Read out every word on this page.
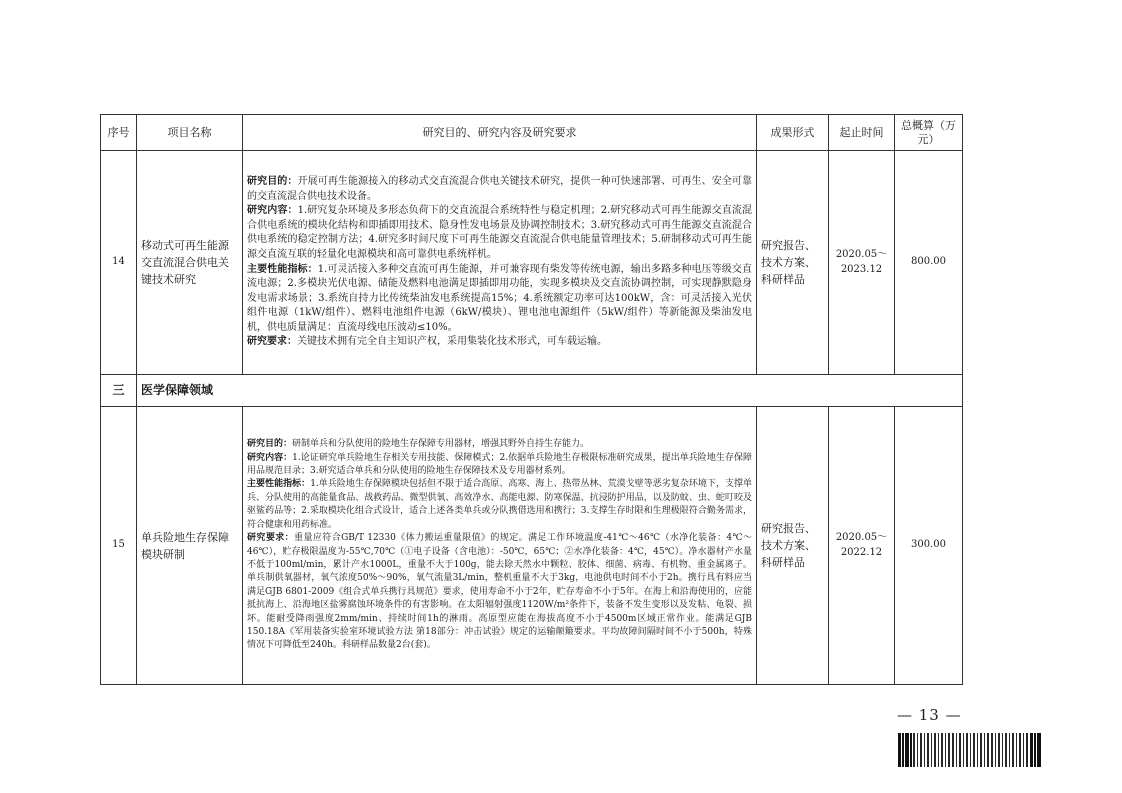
序号	项目名称	研究目的、研究内容及研究要求	成果形式	起止时间	总概算（万元）
14	移动式可再生能源交直流混合供电关键技术研究	研究目的：开展可再生能源接入的移动式交直流混合供电关键技术研究，提供一种可快速部署、可再生、安全可靠的交直流混合供电技术设备。

研究内容：1.研究复杂环境及多形态负荷下的交直流混合系统特性与稳定机理；2.研究移动式可再生能源交直流混合供电系统的模块化结构和即插即用技术、隐身性发电场景及协调控制技术；3.研究移动式可再生能源交直流混合供电系统的稳定控制方法；4.研究多时间尺度下可再生能源交直流混合供电能量管理技术；5.研制移动式可再生能源交直流互联的轻量化电源模块和高可靠供电系统样机。

主要性能指标：1.可灵活接入多种交直流可再生能源，并可兼容现有柴发等传统电源，输出多路多种电压等级交直流电源；2.多模块光伏电源、储能及燃料电池满足即插即用功能，实现多模块及交直流协调控制，可实现静默隐身发电需求场景；3.系统自持力比传统柴油发电系统提高15%；4.系统额定功率可达100kW，含：可灵活接入光伏组件电源（1kW/组件）、燃料电池组件电源（6kW/模块）、锂电池电源组件（5kW/组件）等新能源及柴油发电机，供电质量满足：直流母线电压波动≤10%。

研究要求：关键技术拥有完全自主知识产权，采用集装化技术形式，可车载运输。	研究报告、技术方案、科研样品	2020.05～2023.12	800.00
三	医学保障领域				
15	单兵险地生存保障模块研制	研究目的：研制单兵和分队使用的险地生存保障专用器材，增强其野外自持生存能力。

研究内容：1.论证研究单兵险地生存相关专用技能、保障模式；2.依据单兵险地生存极限标准研究成果，提出单兵险地生存保障用品规范目录；3.研究适合单兵和分队使用的险地生存保障技术及专用器材系列。

主要性能指标：1.单兵险地生存保障模块包括但不限于适合高原、高寒、海上、热带丛林、荒漠戈壁等恶劣复杂环境下，支撑单兵、分队使用的高能量食品、战救药品、微型供氧、高效净水、高能电源、防寒保温、抗浸防护用品，以及防蚊、虫、蛇叮咬及驱鲨药品等；2.采取模块化组合式设计，适合上述各类单兵或分队携借选用和携行；3.支撑生存时限和生理极限符合勤务需求，符合健康和用药标准。

研究要求：重量应符合GB/T 12330《体力搬运重量限值》的规定。满足工作环境温度-41℃～46℃（水净化装备：4℃～46℃），贮存极限温度为-55℃,70℃（①电子设备（含电池）：-50℃，65℃；②水净化装备：4℃，45℃）。净水器材产水量不低于100ml/min，累计产水1000L，重量不大于100g，能去除天然水中颗粒、胶体、细菌、病毒、有机物、重金属离子。单兵制供氧器材，氧气浓度50%～90%，氧气流量3L/min，整机重量不大于3kg，电池供电时间不小于2h。携行具有料应当满足GJB 6801-2009《组合式单兵携行具规范》要求，使用寿命不小于2年，贮存寿命不小于5年。在海上和沿海使用的，应能抵抗海上、沿海地区盐雾腐蚀环境条件的有害影响。在太阳辐射强度1120W/m²条件下，装备不发生变形以及发粘、龟裂、损坏。能耐受降雨强度2mm/min、持续时间1h的淋雨。高原型应能在海拔高度不小于4500m区域正常作业。能满足GJB 150.18A《军用装备实验室环境试验方法 第18部分：冲击试验》规定的运输颠簸要求。平均故障间隔时间不小于500h，特殊情况下可降低至240h。科研样品数量2台(套)。	研究报告、技术方案、科研样品	2020.05～2022.12	300.00
— 13 —
